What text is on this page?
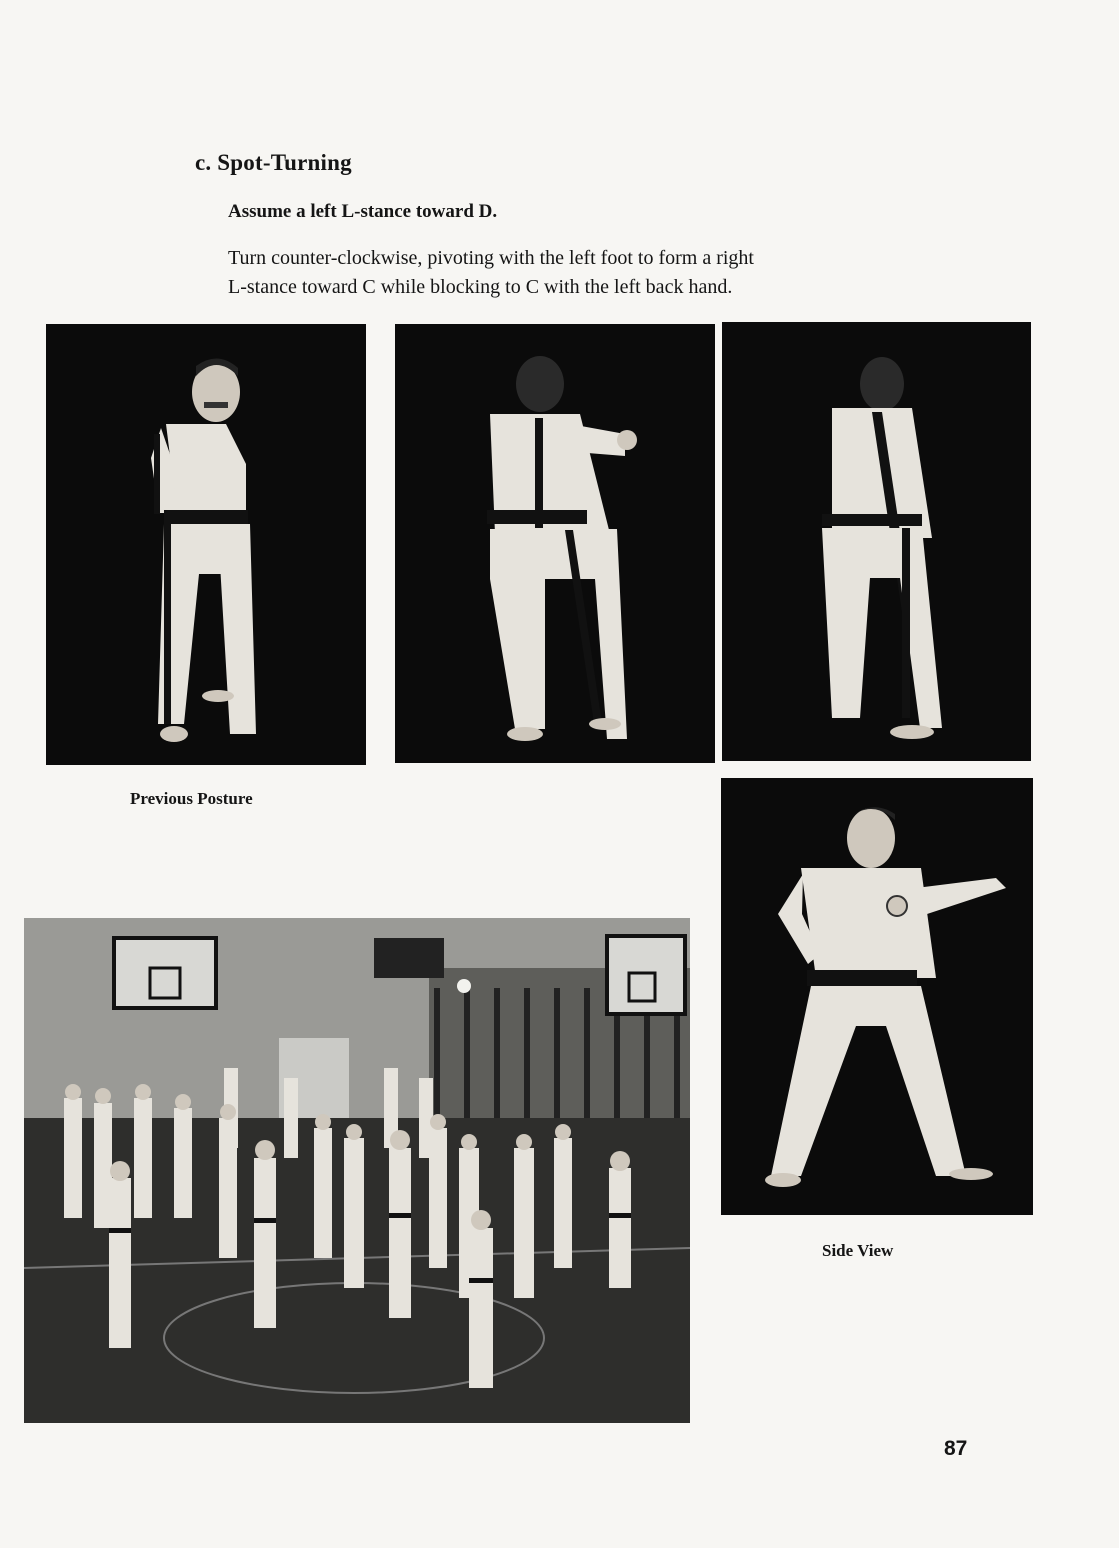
c. Spot-Turning
Assume a left L-stance toward D.
Turn counter-clockwise, pivoting with the left foot to form a right
L-stance toward C while blocking to C with the left back hand.
Previous Posture
Side View
87
